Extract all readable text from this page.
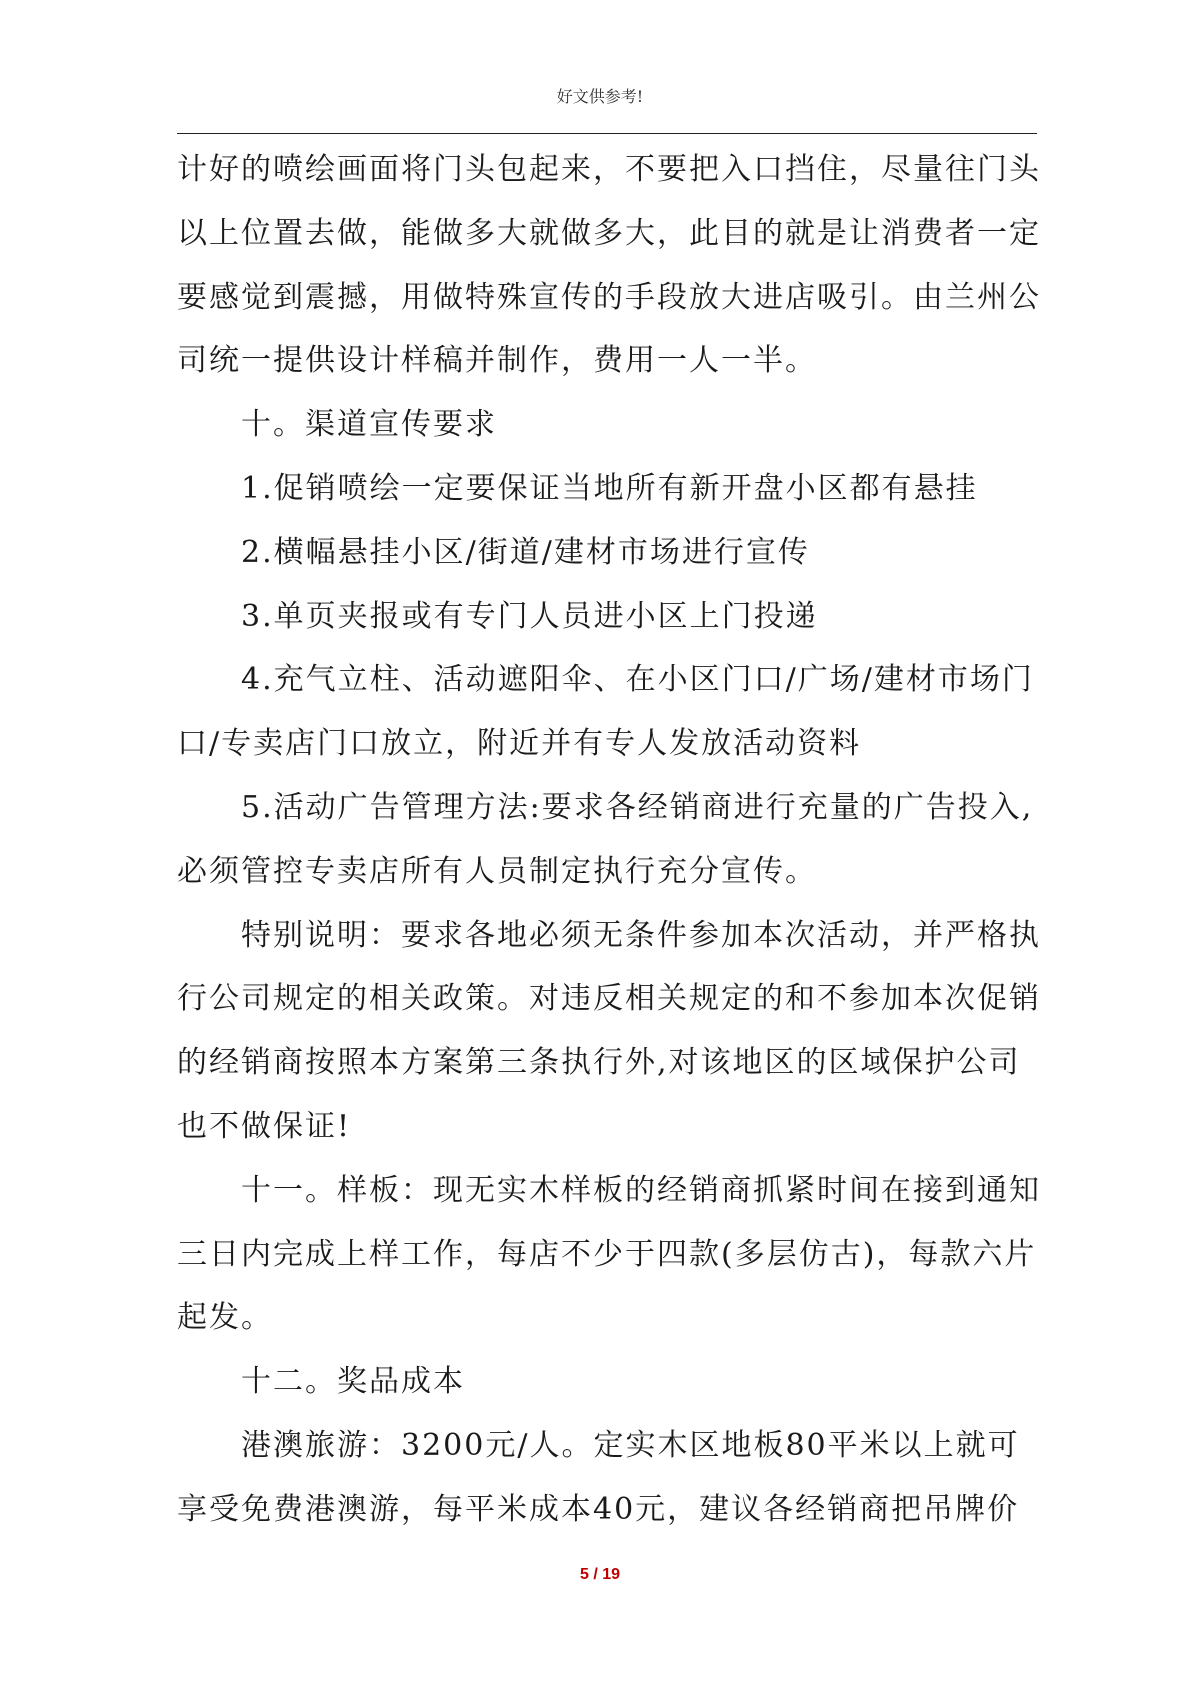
好文供参考!

计好的喷绘画面将门头包起来，不要把入口挡住，尽量往门头

以上位置去做，能做多大就做多大，此目的就是让消费者一定

要感觉到震撼，用做特殊宣传的手段放大进店吸引。由兰州公

司统一提供设计样稿并制作，费用一人一半。

十。渠道宣传要求

1.促销喷绘一定要保证当地所有新开盘小区都有悬挂

2.横幅悬挂小区/街道/建材市场进行宣传

3.单页夹报或有专门人员进小区上门投递

4.充气立柱、活动遮阳伞、在小区门口/广场/建材市场门

口/专卖店门口放立，附近并有专人发放活动资料

5.活动广告管理方法:要求各经销商进行充量的广告投入,

必须管控专卖店所有人员制定执行充分宣传。

特别说明：要求各地必须无条件参加本次活动，并严格执

行公司规定的相关政策。对违反相关规定的和不参加本次促销

的经销商按照本方案第三条执行外,对该地区的区域保护公司

也不做保证!

十一。样板：现无实木样板的经销商抓紧时间在接到通知

三日内完成上样工作，每店不少于四款(多层仿古)，每款六片

起发。

十二。奖品成本

港澳旅游：3200元/人。定实木区地板80平米以上就可

享受免费港澳游，每平米成本40元，建议各经销商把吊牌价

5 / 19
